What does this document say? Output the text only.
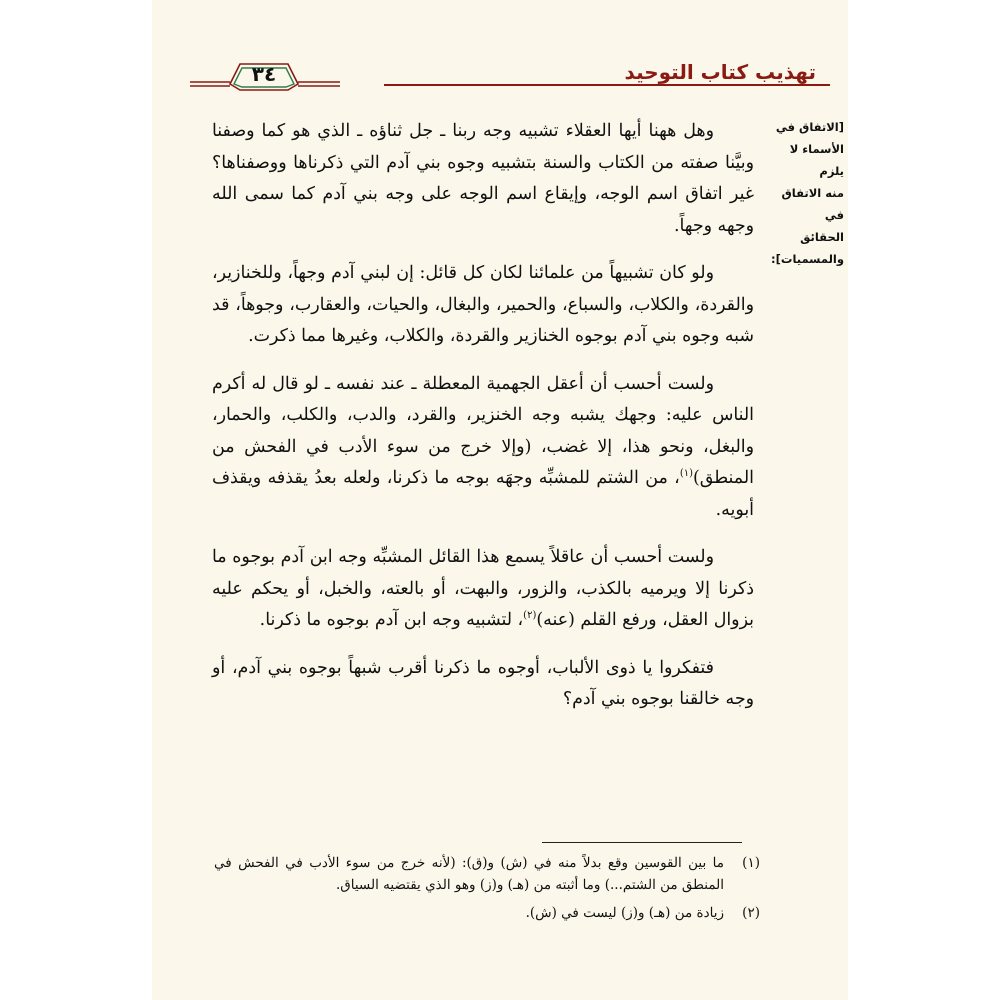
تهذيب كتاب التوحيد
٣٤
[الاتفاق في
الأسماء لا يلزم
منه الاتفاق في
الحقائق
والمسميات]:

وهل ههنا أيها العقلاء تشبيه وجه ربنا ـ جل ثناؤه ـ الذي هو كما وصفنا وبيَّنا صفته من الكتاب والسنة بتشبيه وجوه بني آدم التي ذكرناها ووصفناها؟ غير اتفاق اسم الوجه، وإيقاع اسم الوجه على وجه بني آدم كما سمى الله وجهه وجهاً.

ولو كان تشبيهاً من علمائنا لكان كل قائل: إن لبني آدم وجهاً، وللخنازير، والقردة، والكلاب، والسباع، والحمير، والبغال، والحيات، والعقارب، وجوهاً، قد شبه وجوه بني آدم بوجوه الخنازير والقردة، والكلاب، وغيرها مما ذكرت.

ولست أحسب أن أعقل الجهمية المعطلة ـ عند نفسه ـ لو قال له أكرم الناس عليه: وجهك يشبه وجه الخنزير، والقرد، والدب، والكلب، والحمار، والبغل، ونحو هذا، إلا غضب، (وإلا خرج من سوء الأدب في الفحش من المنطق)$^{(١)}$، من الشتم للمشبِّه وجهَه بوجه ما ذكرنا، ولعله بعدُ يقذفه ويقذف أبويه.

ولست أحسب أن عاقلاً يسمع هذا القائل المشبِّه وجه ابن آدم بوجوه ما ذكرنا إلا ويرميه بالكذب، والزور، والبهت، أو بالعته، والخبل، أو يحكم عليه بزوال العقل، ورفع القلم (عنه)$^{(٢)}$، لتشبيه وجه ابن آدم بوجوه ما ذكرنا.

فتفكروا يا ذوى الألباب، أوجوه ما ذكرنا أقرب شبهاً بوجوه بني آدم، أو وجه خالقنا بوجوه بني آدم؟

(١)
ما بين القوسين وقع بدلاً منه في (ش) و(ق): (لأنه خرج من سوء الأدب في الفحش في المنطق من الشتم...) وما أثبته من (هـ) و(ز) وهو الذي يقتضيه السياق.
(٢)
زيادة من (هـ) و(ز) ليست في (ش).
